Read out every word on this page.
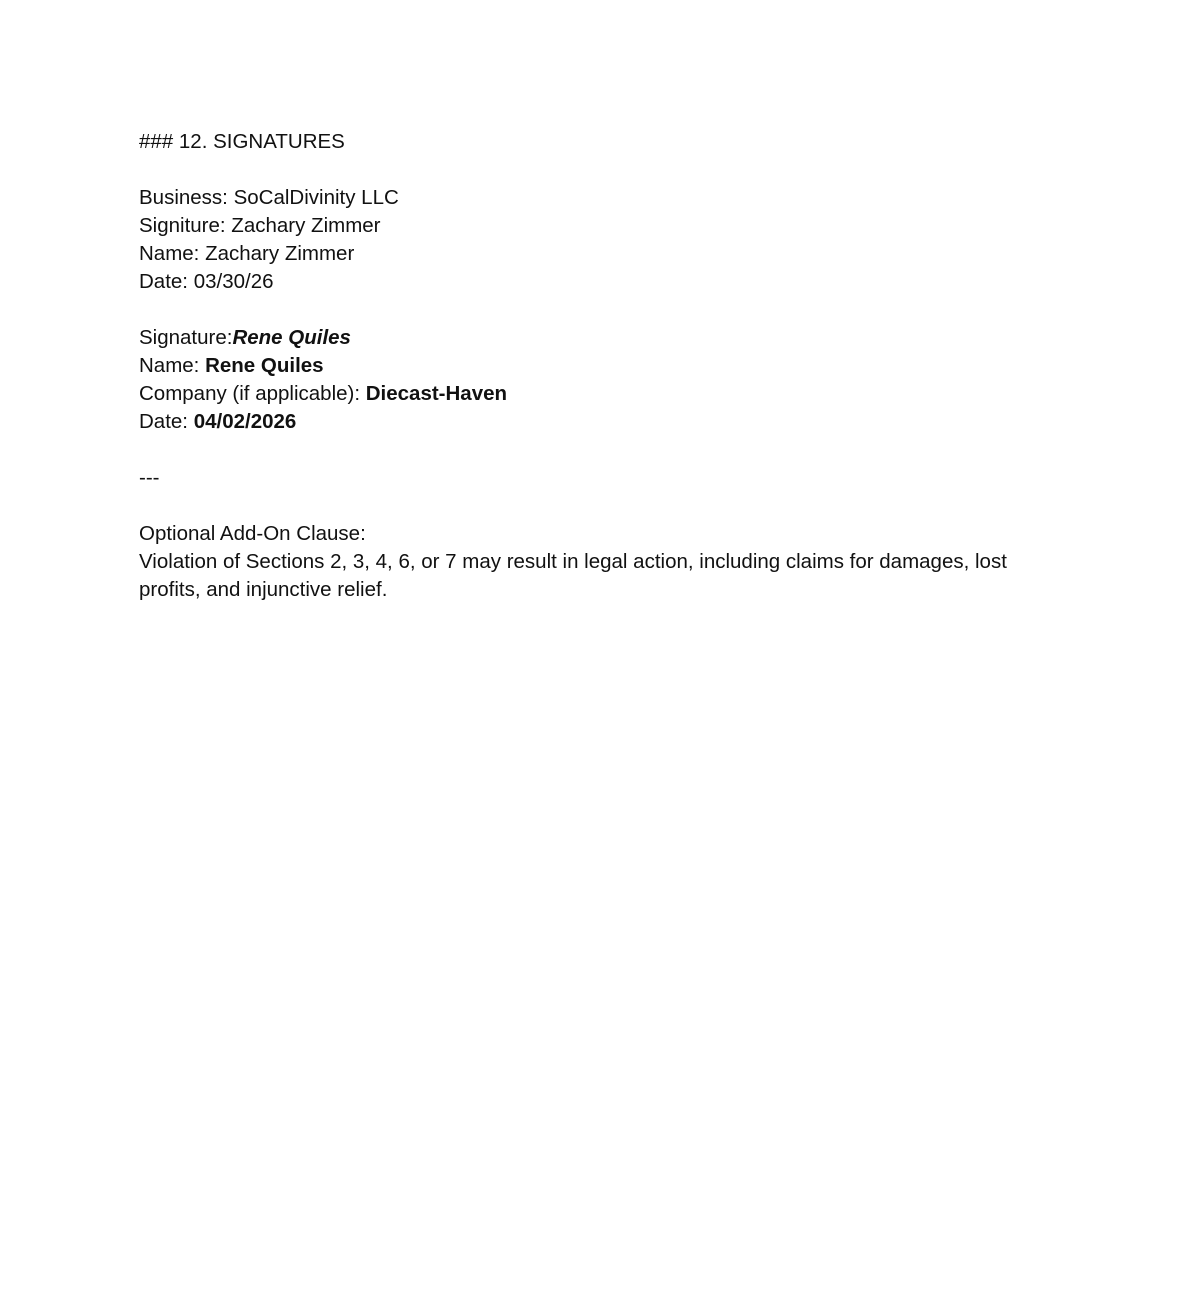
### 12. SIGNATURES
Business: SoCalDivinity LLC
Signiture: Zachary Zimmer
Name: Zachary Zimmer
Date: 03/30/26
Signature:Rene Quiles
Name: Rene Quiles
Company (if applicable): Diecast-Haven
Date: 04/02/2026
---
Optional Add-On Clause:
Violation of Sections 2, 3, 4, 6, or 7 may result in legal action, including claims for damages, lost profits, and injunctive relief.
